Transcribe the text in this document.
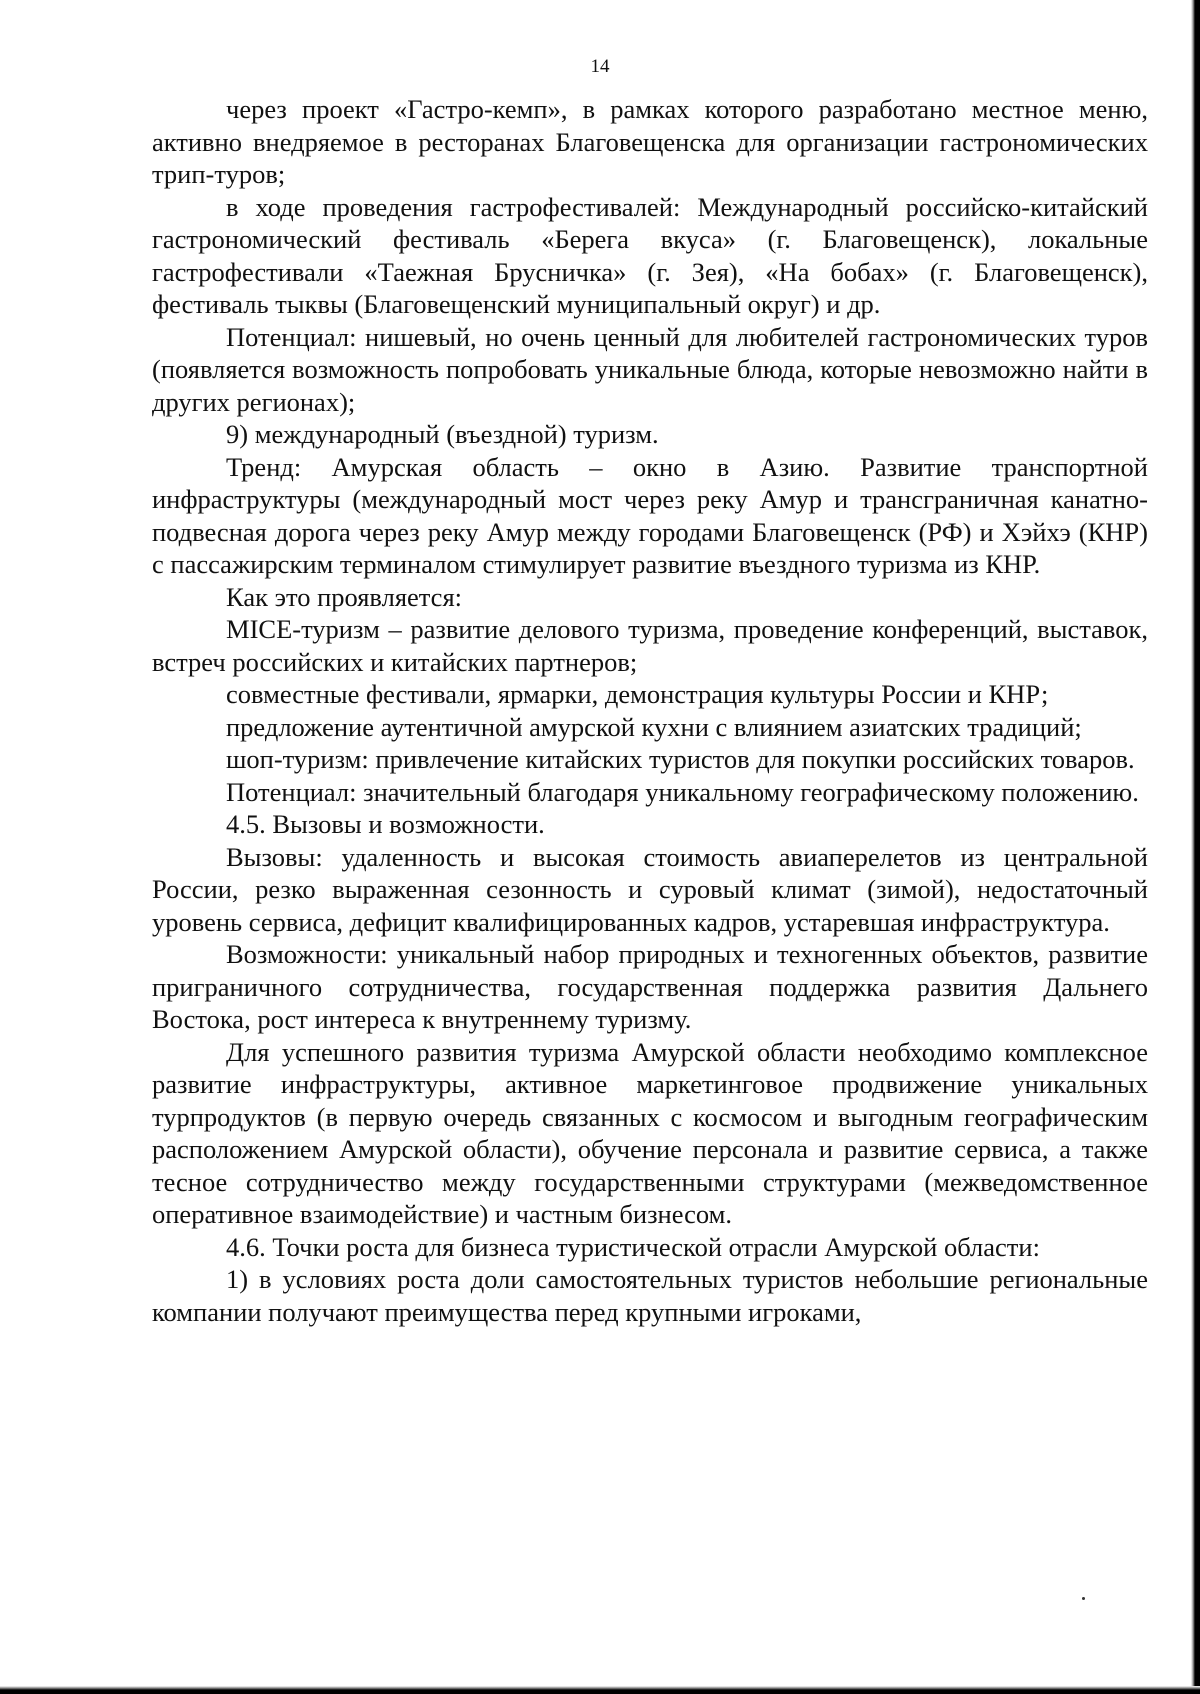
14

через проект «Гастро-кемп», в рамках которого разработано местное меню, активно внедряемое в ресторанах Благовещенска для организации гастрономических трип-туров;

в ходе проведения гастрофестивалей: Международный российско-китайский гастрономический фестиваль «Берега вкуса» (г. Благовещенск), локальные гастрофестивали «Таежная Брусничка» (г. Зея), «На бобах» (г. Благовещенск), фестиваль тыквы (Благовещенский муниципальный округ) и др.

Потенциал: нишевый, но очень ценный для любителей гастрономических туров (появляется возможность попробовать уникальные блюда, которые невозможно найти в других регионах);

9) международный (въездной) туризм.

Тренд: Амурская область – окно в Азию. Развитие транспортной инфраструктуры (международный мост через реку Амур и трансграничная канатно-подвесная дорога через реку Амур между городами Благовещенск (РФ) и Хэйхэ (КНР) с пассажирским терминалом стимулирует развитие въездного туризма из КНР.

Как это проявляется:

MICE-туризм – развитие делового туризма, проведение конференций, выставок, встреч российских и китайских партнеров;

совместные фестивали, ярмарки, демонстрация культуры России и КНР;

предложение аутентичной амурской кухни с влиянием азиатских традиций;

шоп-туризм: привлечение китайских туристов для покупки российских товаров.

Потенциал: значительный благодаря уникальному географическому положению.

4.5. Вызовы и возможности.

Вызовы: удаленность и высокая стоимость авиаперелетов из центральной России, резко выраженная сезонность и суровый климат (зимой), недостаточный уровень сервиса, дефицит квалифицированных кадров, устаревшая инфраструктура.

Возможности: уникальный набор природных и техногенных объектов, развитие приграничного сотрудничества, государственная поддержка развития Дальнего Востока, рост интереса к внутреннему туризму.

Для успешного развития туризма Амурской области необходимо комплексное развитие инфраструктуры, активное маркетинговое продвижение уникальных турпродуктов (в первую очередь связанных с космосом и выгодным географическим расположением Амурской области), обучение персонала и развитие сервиса, а также тесное сотрудничество между государственными структурами (межведомственное оперативное взаимодействие) и частным бизнесом.

4.6. Точки роста для бизнеса туристической отрасли Амурской области:

1) в условиях роста доли самостоятельных туристов небольшие региональные компании получают преимущества перед крупными игроками,
